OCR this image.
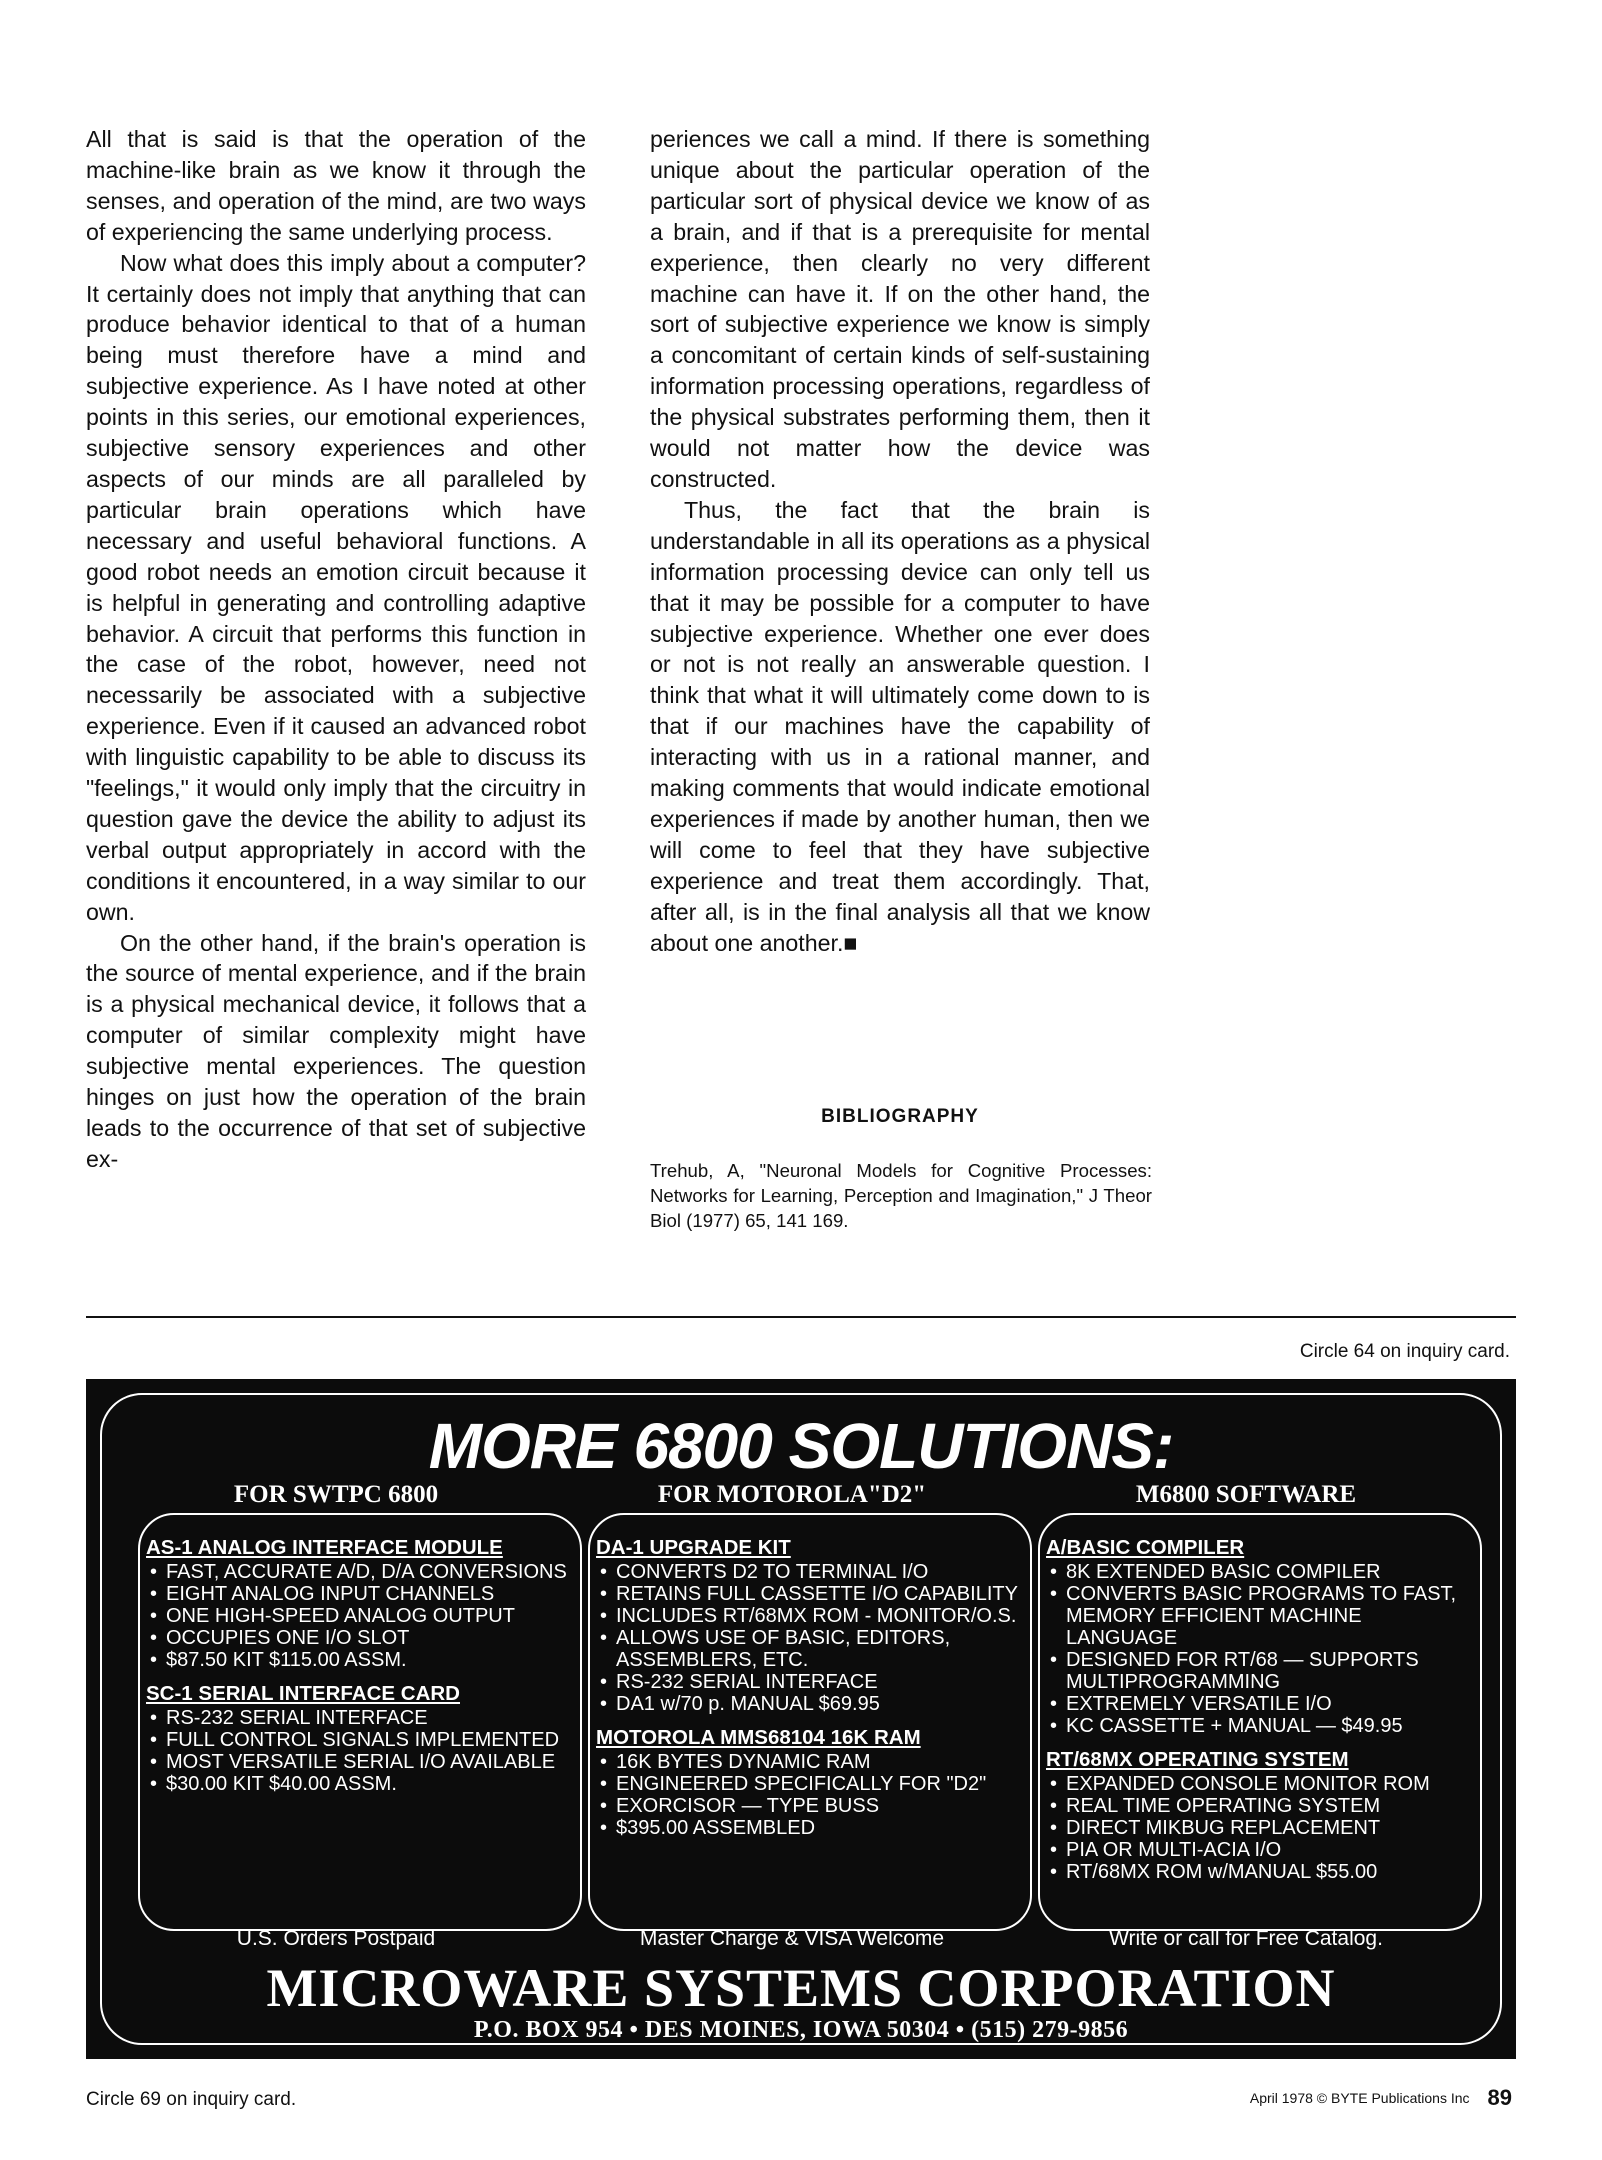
All that is said is that the operation of the machine-like brain as we know it through the senses, and operation of the mind, are two ways of experiencing the same underlying process.

Now what does this imply about a computer? It certainly does not imply that anything that can produce behavior identical to that of a human being must therefore have a mind and subjective experience. As I have noted at other points in this series, our emotional experiences, subjective sensory experiences and other aspects of our minds are all paralleled by particular brain operations which have necessary and useful behavioral functions. A good robot needs an emotion circuit because it is helpful in generating and controlling adaptive behavior. A circuit that performs this function in the case of the robot, however, need not necessarily be associated with a subjective experience. Even if it caused an advanced robot with linguistic capability to be able to discuss its "feelings," it would only imply that the circuitry in question gave the device the ability to adjust its verbal output appropriately in accord with the conditions it encountered, in a way similar to our own.

On the other hand, if the brain's operation is the source of mental experience, and if the brain is a physical mechanical device, it follows that a computer of similar complexity might have subjective mental experiences. The question hinges on just how the operation of the brain leads to the occurrence of that set of subjective ex-

periences we call a mind. If there is something unique about the particular operation of the particular sort of physical device we know of as a brain, and if that is a prerequisite for mental experience, then clearly no very different machine can have it. If on the other hand, the sort of subjective experience we know is simply a concomitant of certain kinds of self-sustaining information processing operations, regardless of the physical substrates performing them, then it would not matter how the device was constructed.

Thus, the fact that the brain is understandable in all its operations as a physical information processing device can only tell us that it may be possible for a computer to have subjective experience. Whether one ever does or not is not really an answerable question. I think that what it will ultimately come down to is that if our machines have the capability of interacting with us in a rational manner, and making comments that would indicate emotional experiences if made by another human, then we will come to feel that they have subjective experience and treat them accordingly. That, after all, is in the final analysis all that we know about one another.■

BIBLIOGRAPHY
Trehub, A, "Neuronal Models for Cognitive Processes: Networks for Learning, Perception and Imagination," J Theor Biol (1977) 65, 141 169.
Circle 64 on inquiry card.
MORE 6800 SOLUTIONS:
FOR SWTPC 6800	FOR MOTOROLA"D2"	M6800 SOFTWARE
AS-1 ANALOG INTERFACE MODULE
• FAST, ACCURATE A/D, D/A CONVERSIONS
• EIGHT ANALOG INPUT CHANNELS
• ONE HIGH-SPEED ANALOG OUTPUT
• OCCUPIES ONE I/O SLOT
• $87.50 KIT $115.00 ASSM.
SC-1 SERIAL INTERFACE CARD
• RS-232 SERIAL INTERFACE
• FULL CONTROL SIGNALS IMPLEMENTED
• MOST VERSATILE SERIAL I/O AVAILABLE
• $30.00 KIT $40.00 ASSM.
DA-1 UPGRADE KIT
• CONVERTS D2 TO TERMINAL I/O
• RETAINS FULL CASSETTE I/O CAPABILITY
• INCLUDES RT/68MX ROM - MONITOR/O.S.
• ALLOWS USE OF BASIC, EDITORS, ASSEMBLERS, ETC.
• RS-232 SERIAL INTERFACE
• DA1 w/70 p. MANUAL $69.95
MOTOROLA MMS68104 16K RAM
• 16K BYTES DYNAMIC RAM
• ENGINEERED SPECIFICALLY FOR "D2"
• EXORCISOR — TYPE BUSS
• $395.00 ASSEMBLED
A/BASIC COMPILER
• 8K EXTENDED BASIC COMPILER
• CONVERTS BASIC PROGRAMS TO FAST, MEMORY EFFICIENT MACHINE LANGUAGE
• DESIGNED FOR RT/68 — SUPPORTS MULTIPROGRAMMING
• EXTREMELY VERSATILE I/O
• KC CASSETTE + MANUAL — $49.95
RT/68MX OPERATING SYSTEM
• EXPANDED CONSOLE MONITOR ROM
• REAL TIME OPERATING SYSTEM
• DIRECT MIKBUG REPLACEMENT
• PIA OR MULTI-ACIA I/O
• RT/68MX ROM w/MANUAL $55.00
U.S. Orders Postpaid	Master Charge & VISA Welcome	Write or call for Free Catalog.
MICROWARE SYSTEMS CORPORATION
P.O. BOX 954 • DES MOINES, IOWA 50304 • (515) 279-9856
Circle 69 on inquiry card.	April 1978 © BYTE Publications Inc 89
